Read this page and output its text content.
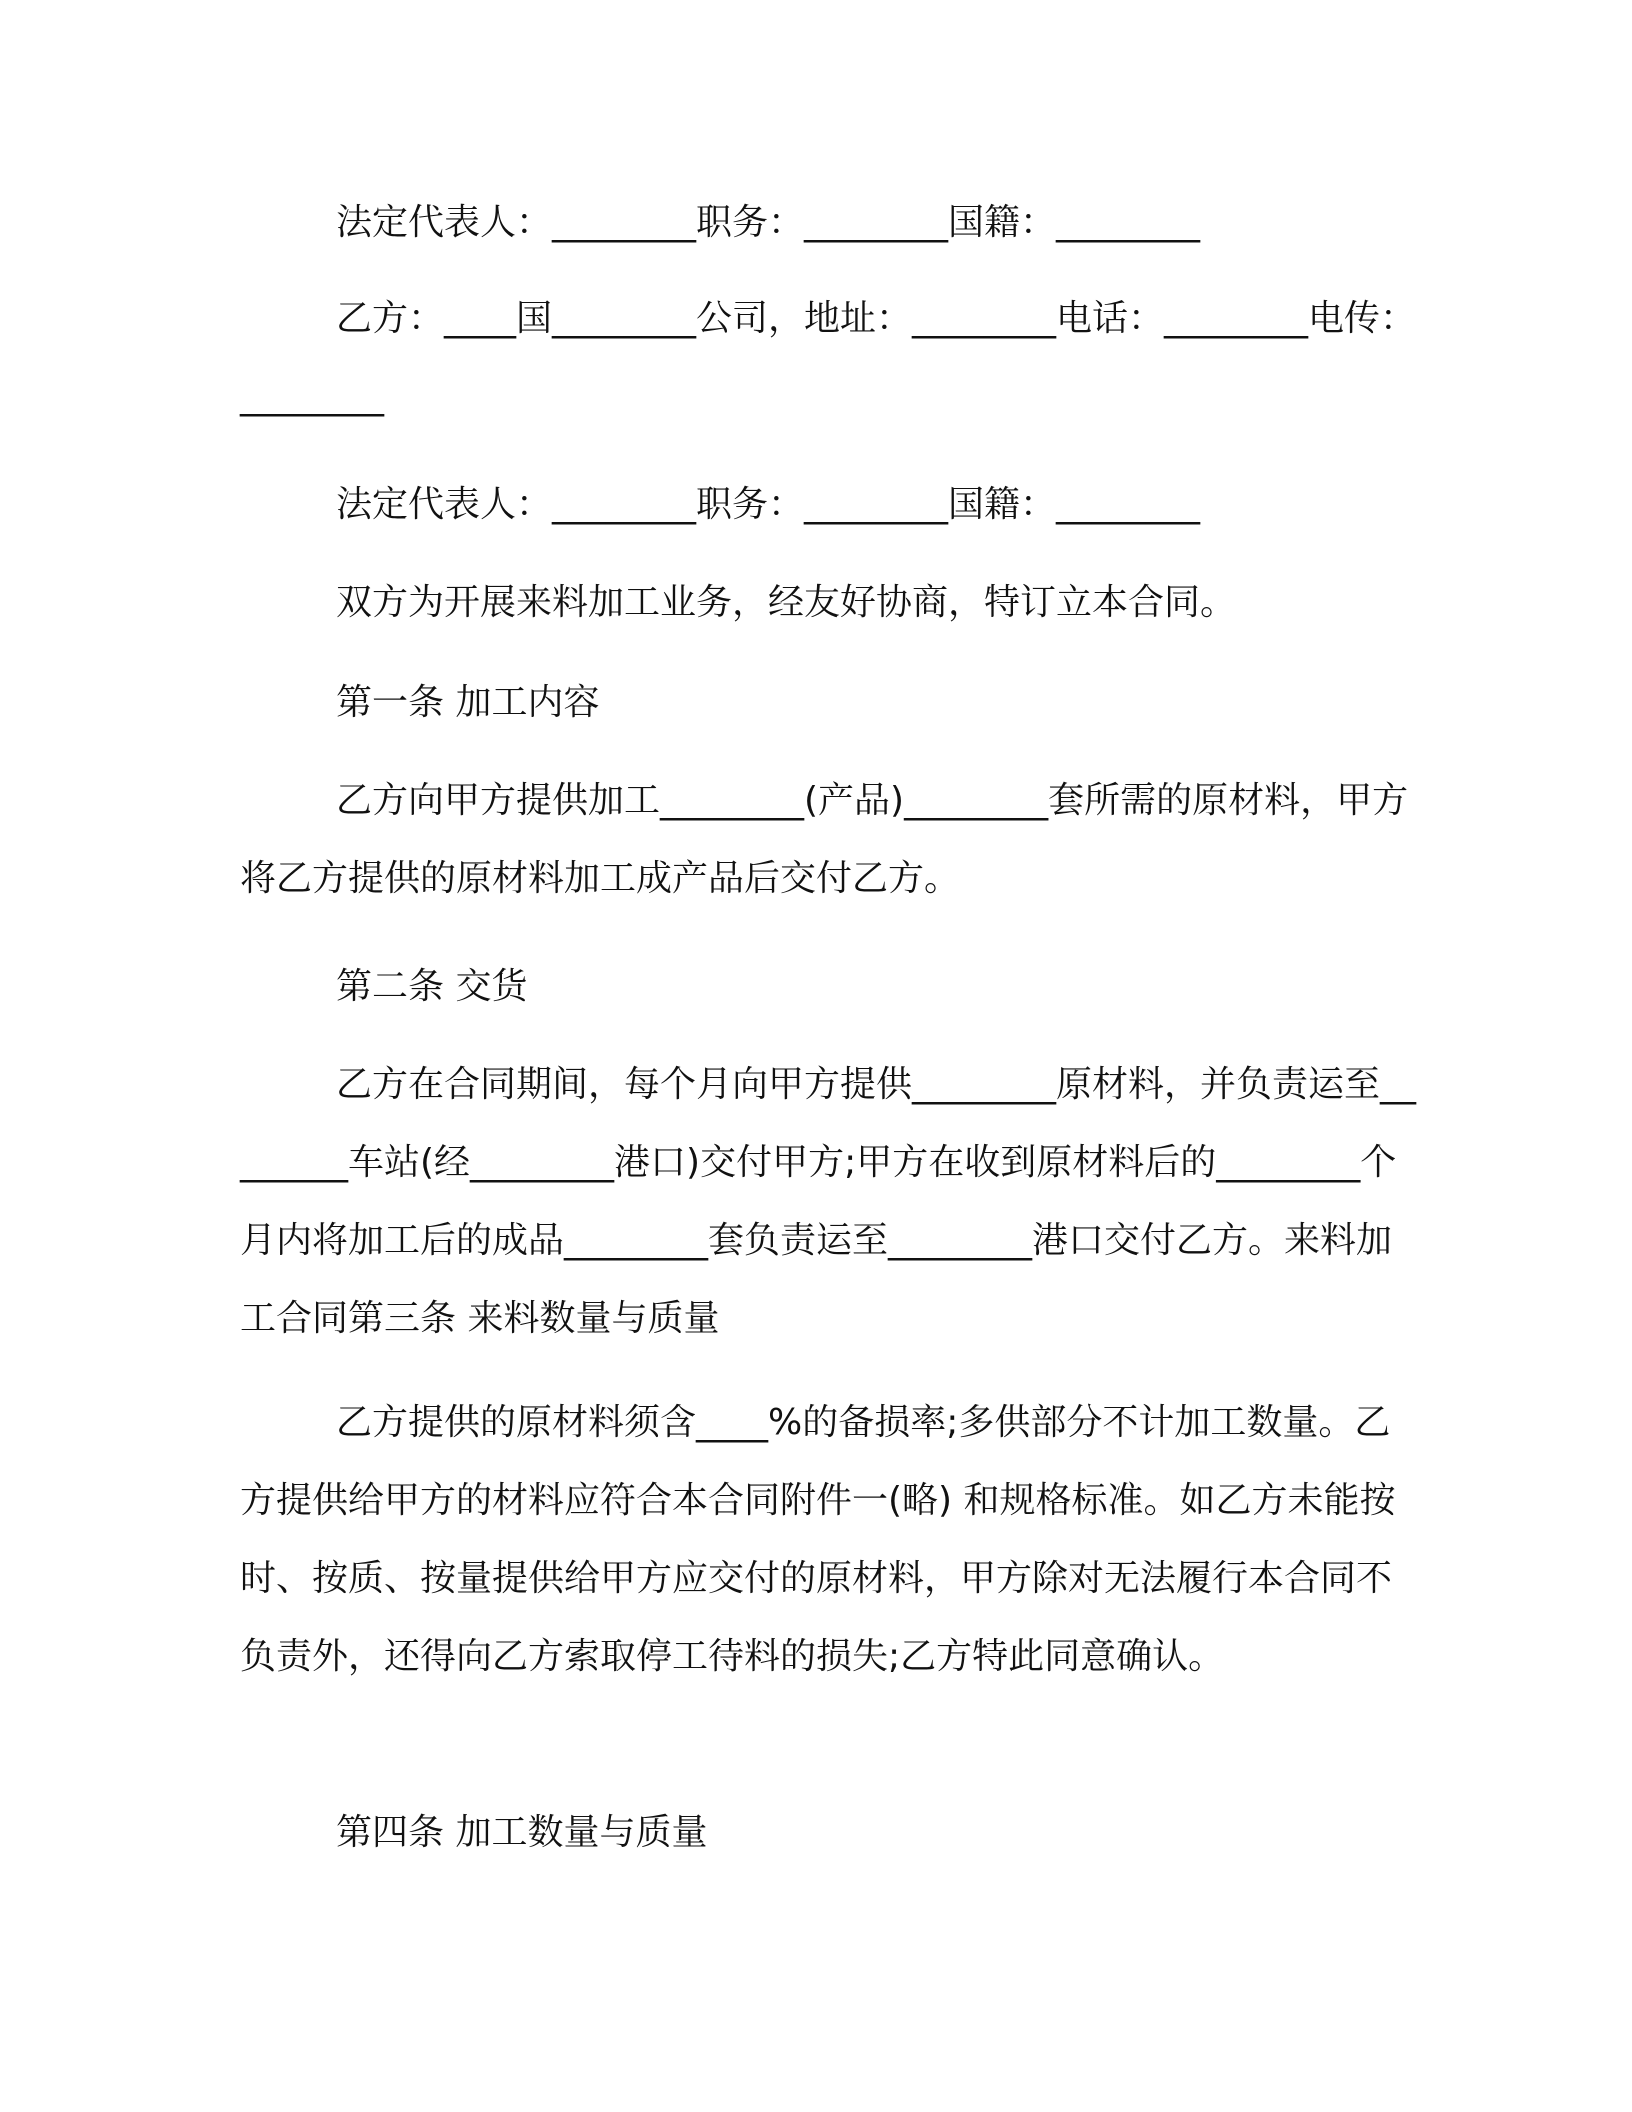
法定代表人：________职务：________国籍：________

乙方：____国________公司，地址：________电话：________电传：________

法定代表人：________职务：________国籍：________

双方为开展来料加工业务，经友好协商，特订立本合同。

第一条 加工内容

乙方向甲方提供加工________(产品)________套所需的原材料，甲方将乙方提供的原材料加工成产品后交付乙方。

第二条 交货

乙方在合同期间，每个月向甲方提供________原材料，并负责运至________车站(经________港口)交付甲方;甲方在收到原材料后的________个月内将加工后的成品________套负责运至________港口交付乙方。来料加工合同第三条 来料数量与质量

乙方提供的原材料须含____%的备损率;多供部分不计加工数量。乙方提供给甲方的材料应符合本合同附件一(略) 和规格标准。如乙方未能按时、按质、按量提供给甲方应交付的原材料，甲方除对无法履行本合同不负责外，还得向乙方索取停工待料的损失;乙方特此同意确认。

第四条 加工数量与质量
